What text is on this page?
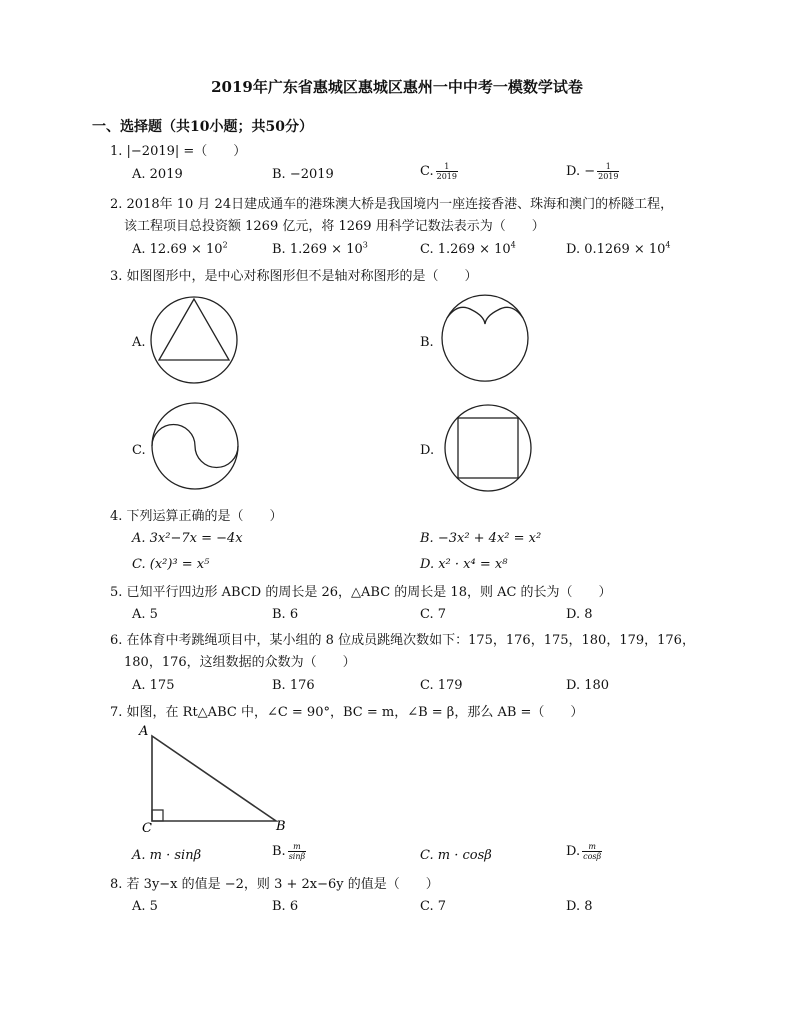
2019年广东省惠城区惠城区惠州一中中考一模数学试卷
一、选择题（共10小题；共50分）
1. |−2019| =（　　）
A. 2019	B. −2019	C. $\frac{1}{2019}$	D. − $\frac{1}{2019}$
2. 2018年 10 月 24日建成通车的港珠澳大桥是我国境内一座连接香港、珠海和澳门的桥隧工程，
该工程项目总投资额 1269 亿元，将 1269 用科学记数法表示为（　　）
A. $12.69 \times 10^2$	B. $1.269 \times 10^3$	C. $1.269 \times 10^4$	D. $0.1269 \times 10^4$
3. 如图图形中，是中心对称图形但不是轴对称图形的是（　　）
A.	B.
C.	D.
4. 下列运算正确的是（　　）
A. 3x²−7x = −4x	B. −3x² + 4x² = x²
C. (x²)³ = x⁵	D. x² · x⁴ = x⁸
5. 已知平行四边形 ABCD 的周长是 26，△ABC 的周长是 18，则 AC 的长为（　　）
A. 5	B. 6	C. 7	D. 8
6. 在体育中考跳绳项目中，某小组的 8 位成员跳绳次数如下：175，176，175，180，179，176，
180，176，这组数据的众数为（　　）
A. 175	B. 176	C. 179	D. 180
7. 如图，在 Rt△ABC 中，∠C = 90°，BC = m，∠B = β，那么 AB =（　　）
A
C	B
A. m · sinβ	B. $\frac{m}{\sin\beta}$	C. m · cosβ	D. $\frac{m}{\cos\beta}$
8. 若 3y−x 的值是 −2，则 3 + 2x−6y 的值是（　　）
A. 5	B. 6	C. 7	D. 8
